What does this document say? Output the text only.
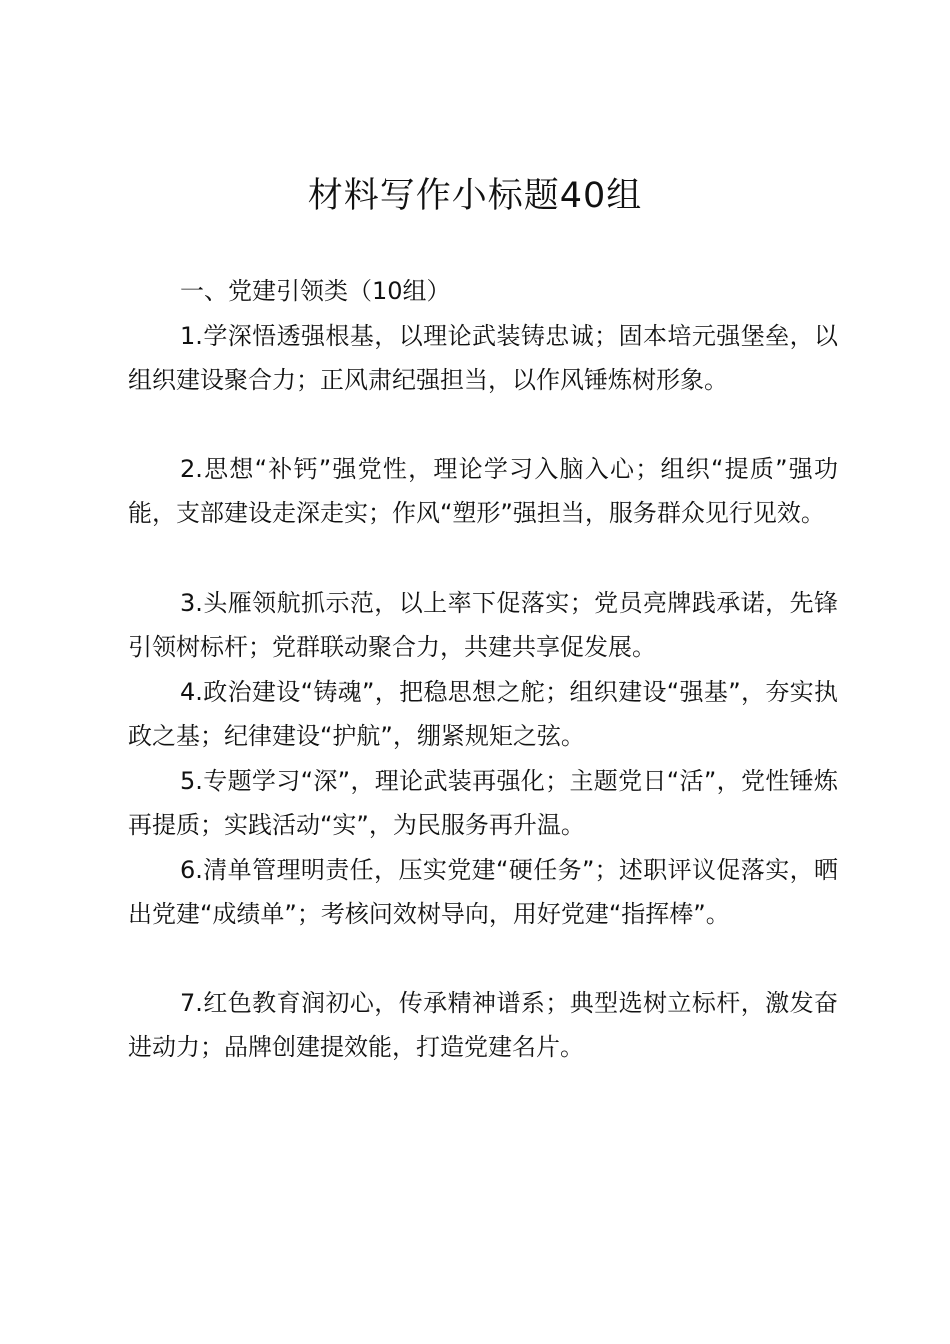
材料写作小标题40组
一、党建引领类（10组）

1.学深悟透强根基，以理论武装铸忠诚；固本培元强堡垒，以组织建设聚合力；正风肃纪强担当，以作风锤炼树形象。

2.思想“补钙”强党性，理论学习入脑入心；组织“提质”强功能，支部建设走深走实；作风“塑形”强担当，服务群众见行见效。

3.头雁领航抓示范，以上率下促落实；党员亮牌践承诺，先锋引领树标杆；党群联动聚合力，共建共享促发展。

4.政治建设“铸魂”，把稳思想之舵；组织建设“强基”，夯实执政之基；纪律建设“护航”，绷紧规矩之弦。

5.专题学习“深”，理论武装再强化；主题党日“活”，党性锤炼再提质；实践活动“实”，为民服务再升温。

6.清单管理明责任，压实党建“硬任务”；述职评议促落实，晒出党建“成绩单”；考核问效树导向，用好党建“指挥棒”。

7.红色教育润初心，传承精神谱系；典型选树立标杆，激发奋进动力；品牌创建提效能，打造党建名片。
